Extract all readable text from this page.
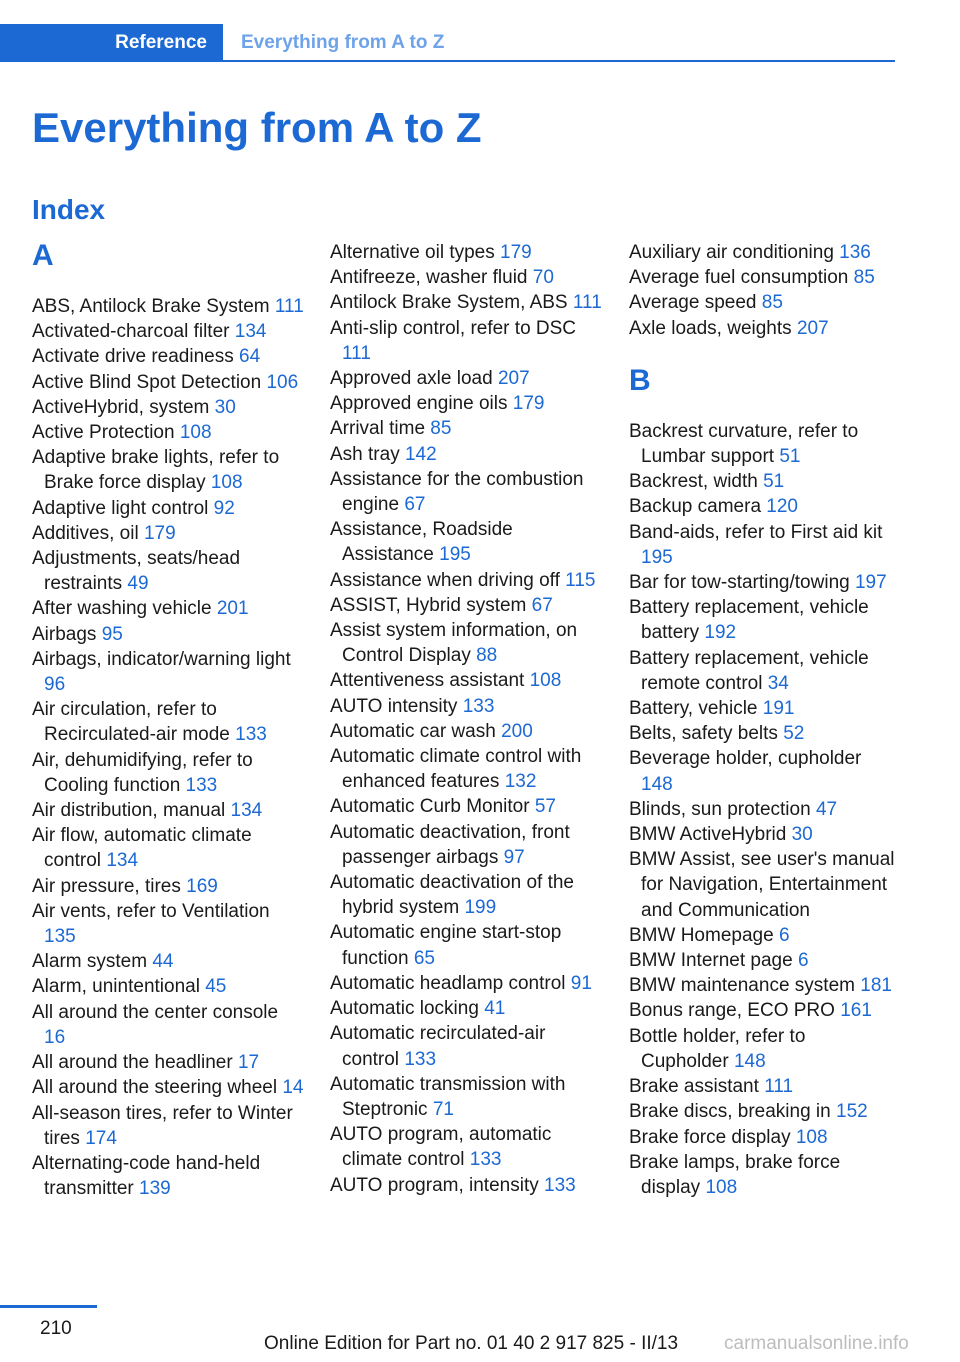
Reference	Everything from A to Z
Everything from A to Z
Index
A
ABS, Antilock Brake System 111
Activated-charcoal filter 134
Activate drive readiness 64
Active Blind Spot Detection 106
ActiveHybrid, system 30
Active Protection 108
Adaptive brake lights, refer to Brake force display 108
Adaptive light control 92
Additives, oil 179
Adjustments, seats/head restraints 49
After washing vehicle 201
Airbags 95
Airbags, indicator/warning light 96
Air circulation, refer to Recirculated-air mode 133
Air, dehumidifying, refer to Cooling function 133
Air distribution, manual 134
Air flow, automatic climate control 134
Air pressure, tires 169
Air vents, refer to Ventilation 135
Alarm system 44
Alarm, unintentional 45
All around the center console 16
All around the headliner 17
All around the steering wheel 14
All-season tires, refer to Winter tires 174
Alternating-code hand-held transmitter 139
Alternative oil types 179
Antifreeze, washer fluid 70
Antilock Brake System, ABS 111
Anti-slip control, refer to DSC 111
Approved axle load 207
Approved engine oils 179
Arrival time 85
Ash tray 142
Assistance for the combustion engine 67
Assistance, Roadside Assistance 195
Assistance when driving off 115
ASSIST, Hybrid system 67
Assist system information, on Control Display 88
Attentiveness assistant 108
AUTO intensity 133
Automatic car wash 200
Automatic climate control with enhanced features 132
Automatic Curb Monitor 57
Automatic deactivation, front passenger airbags 97
Automatic deactivation of the hybrid system 199
Automatic engine start-stop function 65
Automatic headlamp control 91
Automatic locking 41
Automatic recirculated-air control 133
Automatic transmission with Steptronic 71
AUTO program, automatic climate control 133
AUTO program, intensity 133
Auxiliary air conditioning 136
Average fuel consumption 85
Average speed 85
Axle loads, weights 207
B
Backrest curvature, refer to Lumbar support 51
Backrest, width 51
Backup camera 120
Band-aids, refer to First aid kit 195
Bar for tow-starting/towing 197
Battery replacement, vehicle battery 192
Battery replacement, vehicle remote control 34
Battery, vehicle 191
Belts, safety belts 52
Beverage holder, cupholder 148
Blinds, sun protection 47
BMW ActiveHybrid 30
BMW Assist, see user's manual for Navigation, Entertainment and Communication
BMW Homepage 6
BMW Internet page 6
BMW maintenance system 181
Bonus range, ECO PRO 161
Bottle holder, refer to Cupholder 148
Brake assistant 111
Brake discs, breaking in 152
Brake force display 108
Brake lamps, brake force display 108
210
Online Edition for Part no. 01 40 2 917 825 - II/13 carmanualsonline.info
